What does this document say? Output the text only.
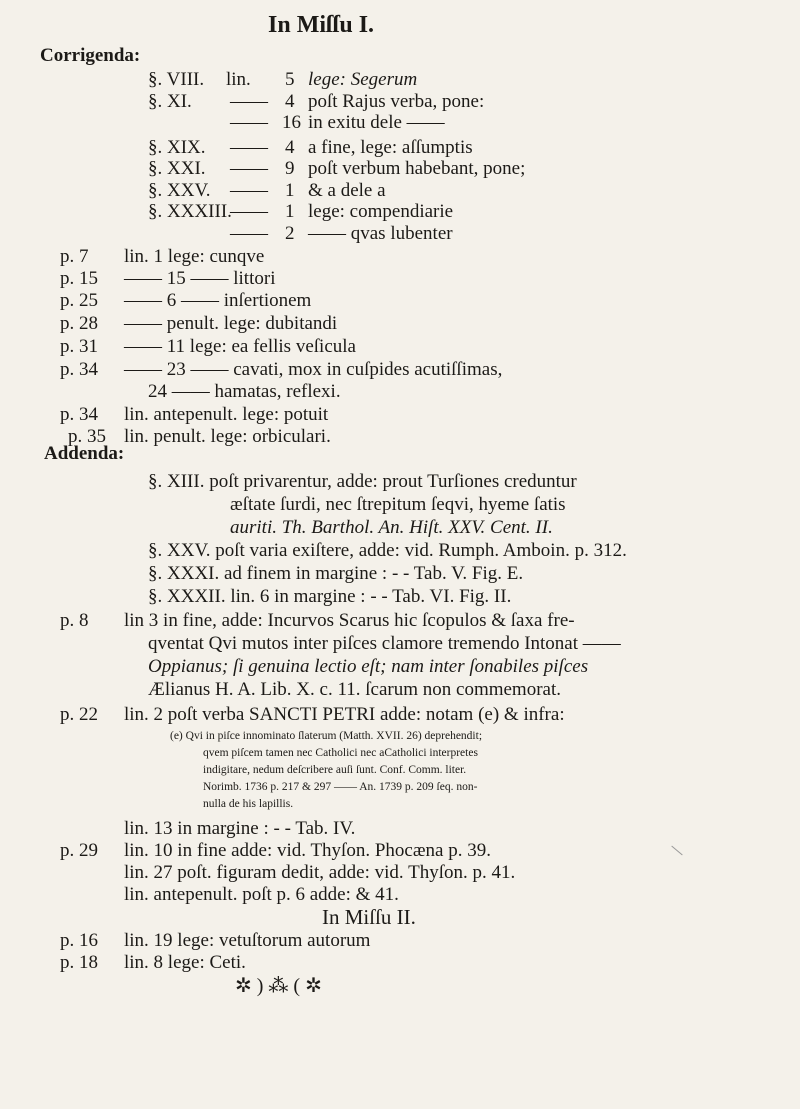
In Miſſu I.
Corrigenda:
§. VIII. lin. 5 lege: Segerum
§. XI. —— 4 poſt Rajus verba, pone:
—— 16 in exitu dele ——
§. XIX. —— 4 a fine, lege: aſſumptis
§. XXI. —— 9 poſt verbum habebant, pone;
§. XXV. —— 1 & a dele a
§. XXXIII.
—— 1 lege: compendiarie
—— 2 —— qvas lubenter
p. 7 lin. 1 lege: cunqve
p. 15 —— 15 —— littori
p. 25 —— 6 —— inſertionem
p. 28 —— penult. lege: dubitandi
p. 31 —— 11 lege: ea fellis veſicula
p. 34 —— 23 —— cavati, mox in cuſpides acutiſſimas,
24 —— hamatas, reflexi.
p. 34 lin. antepenult. lege: potuit
p. 35 lin. penult. lege: orbiculari.
Addenda:
§. XIII. poſt privarentur, adde: prout Turſiones creduntur
æſtate ſurdi, nec ſtrepitum ſeqvi, hyeme ſatis
auriti. Th. Barthol. An. Hiſt. XXV. Cent. II.
§. XXV. poſt varia exiſtere, adde: vid. Rumph. Amboin. p. 312.
§. XXXI. ad finem in margine : - - Tab. V. Fig. E.
§. XXXII. lin. 6 in margine : - - Tab. VI. Fig. II.
p. 8 lin 3 in fine, adde: Incurvos Scarus hic ſcopulos & ſaxa fre-
qventat Qvi mutos inter piſces clamore tremendo Intonat ——
Oppianus; ſi genuina lectio eſt; nam inter ſonabiles piſces
Ælianus H. A. Lib. X. c. 11. ſcarum non commemorat.
p. 22 lin. 2 poſt verba SANCTI PETRI adde: notam (e) & infra:
(e) Qvi in piſce innominato ſlaterum (Matth. XVII. 26) deprehendit;
qvem piſcem tamen nec Catholici nec aCatholici interpretes
indigitare, nedum deſcribere auſi ſunt. Conf. Comm. liter.
Norimb. 1736 p. 217 & 297 —— An. 1739 p. 209 ſeq. non-
nulla de his lapillis.
lin. 13 in margine : - - Tab. IV.
p. 29 lin. 10 in fine adde: vid. Thyſon. Phocæna p. 39.
lin. 27 poſt. figuram dedit, adde: vid. Thyſon. p. 41.
lin. antepenult. poſt p. 6 adde: & 41.
In Miſſu II.
p. 16 lin. 19 lege: vetuſtorum autorum
p. 18 lin. 8 lege: Ceti.
✲ ) ⁂ ( ✲
